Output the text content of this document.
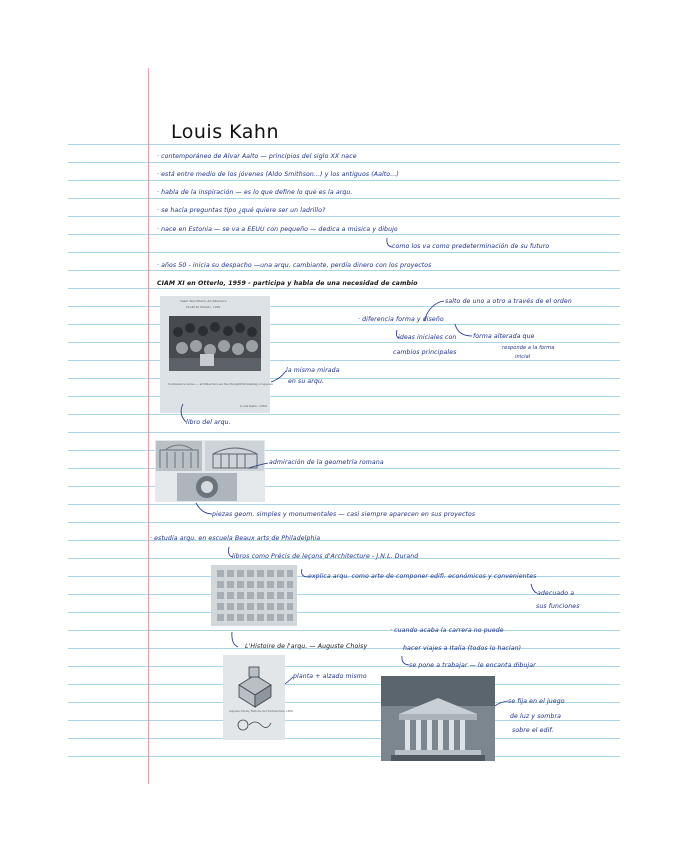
Louis Kahn
· contemporáneo de Alvar Aalto — principios del siglo XX nace
· está entre medio de los jóvenes (Aldo Smithson...) y los antiguos (Aalto...)
· habla de la inspiración — es lo que define lo que es la arqu.
· se hacía preguntas tipo ¿qué quiere ser un ladrillo?
· nace en Estonia — se va a EEUU con pequeño — dedica a música y dibujo
como los va como predeterminación de su futuro
· años 50 - inicia su despacho —una arqu. cambiante, perdía dinero con los proyectos
CIAM XI en Otterlo, 1959 - participa y habla de una necesidad de cambio
salto de uno a otro a través de el orden
· diferencia forma y diseño
ideas iniciales con
cambios principales
forma alterada que
responde a la forma
inicial
la misma mirada
en su arqu.
libro del arqu.
admiración de la geometría romana
piezas geom. simples y monumentales — casi siempre aparecen en sus proyectos
· estudia arqu. en escuela Beaux arts de Philadelphia
libros como Précis de leçons d'Architecture - J.N.L. Durand
explica arqu. como arte de componer edifi. económicos y convenientes
adecuado a
sus funciones
· cuando acaba la carrera no puede
hacer viajes a Italia (todos lo hacían)
se pone a trabajar — le encanta dibujar
L'Histoire de l'arqu. — Auguste Choisy
planta + alzado mismo
se fija en el juego
de luz y sombra
sobre el edif.
Team Ten Otterlo Architecture
CIAM XI Otterlo, 1959
Conference notes — architecture as the thoughtful making of spaces
Louis Kahn, 1959
Auguste Choisy, Histoire de l'Architecture, 1899
